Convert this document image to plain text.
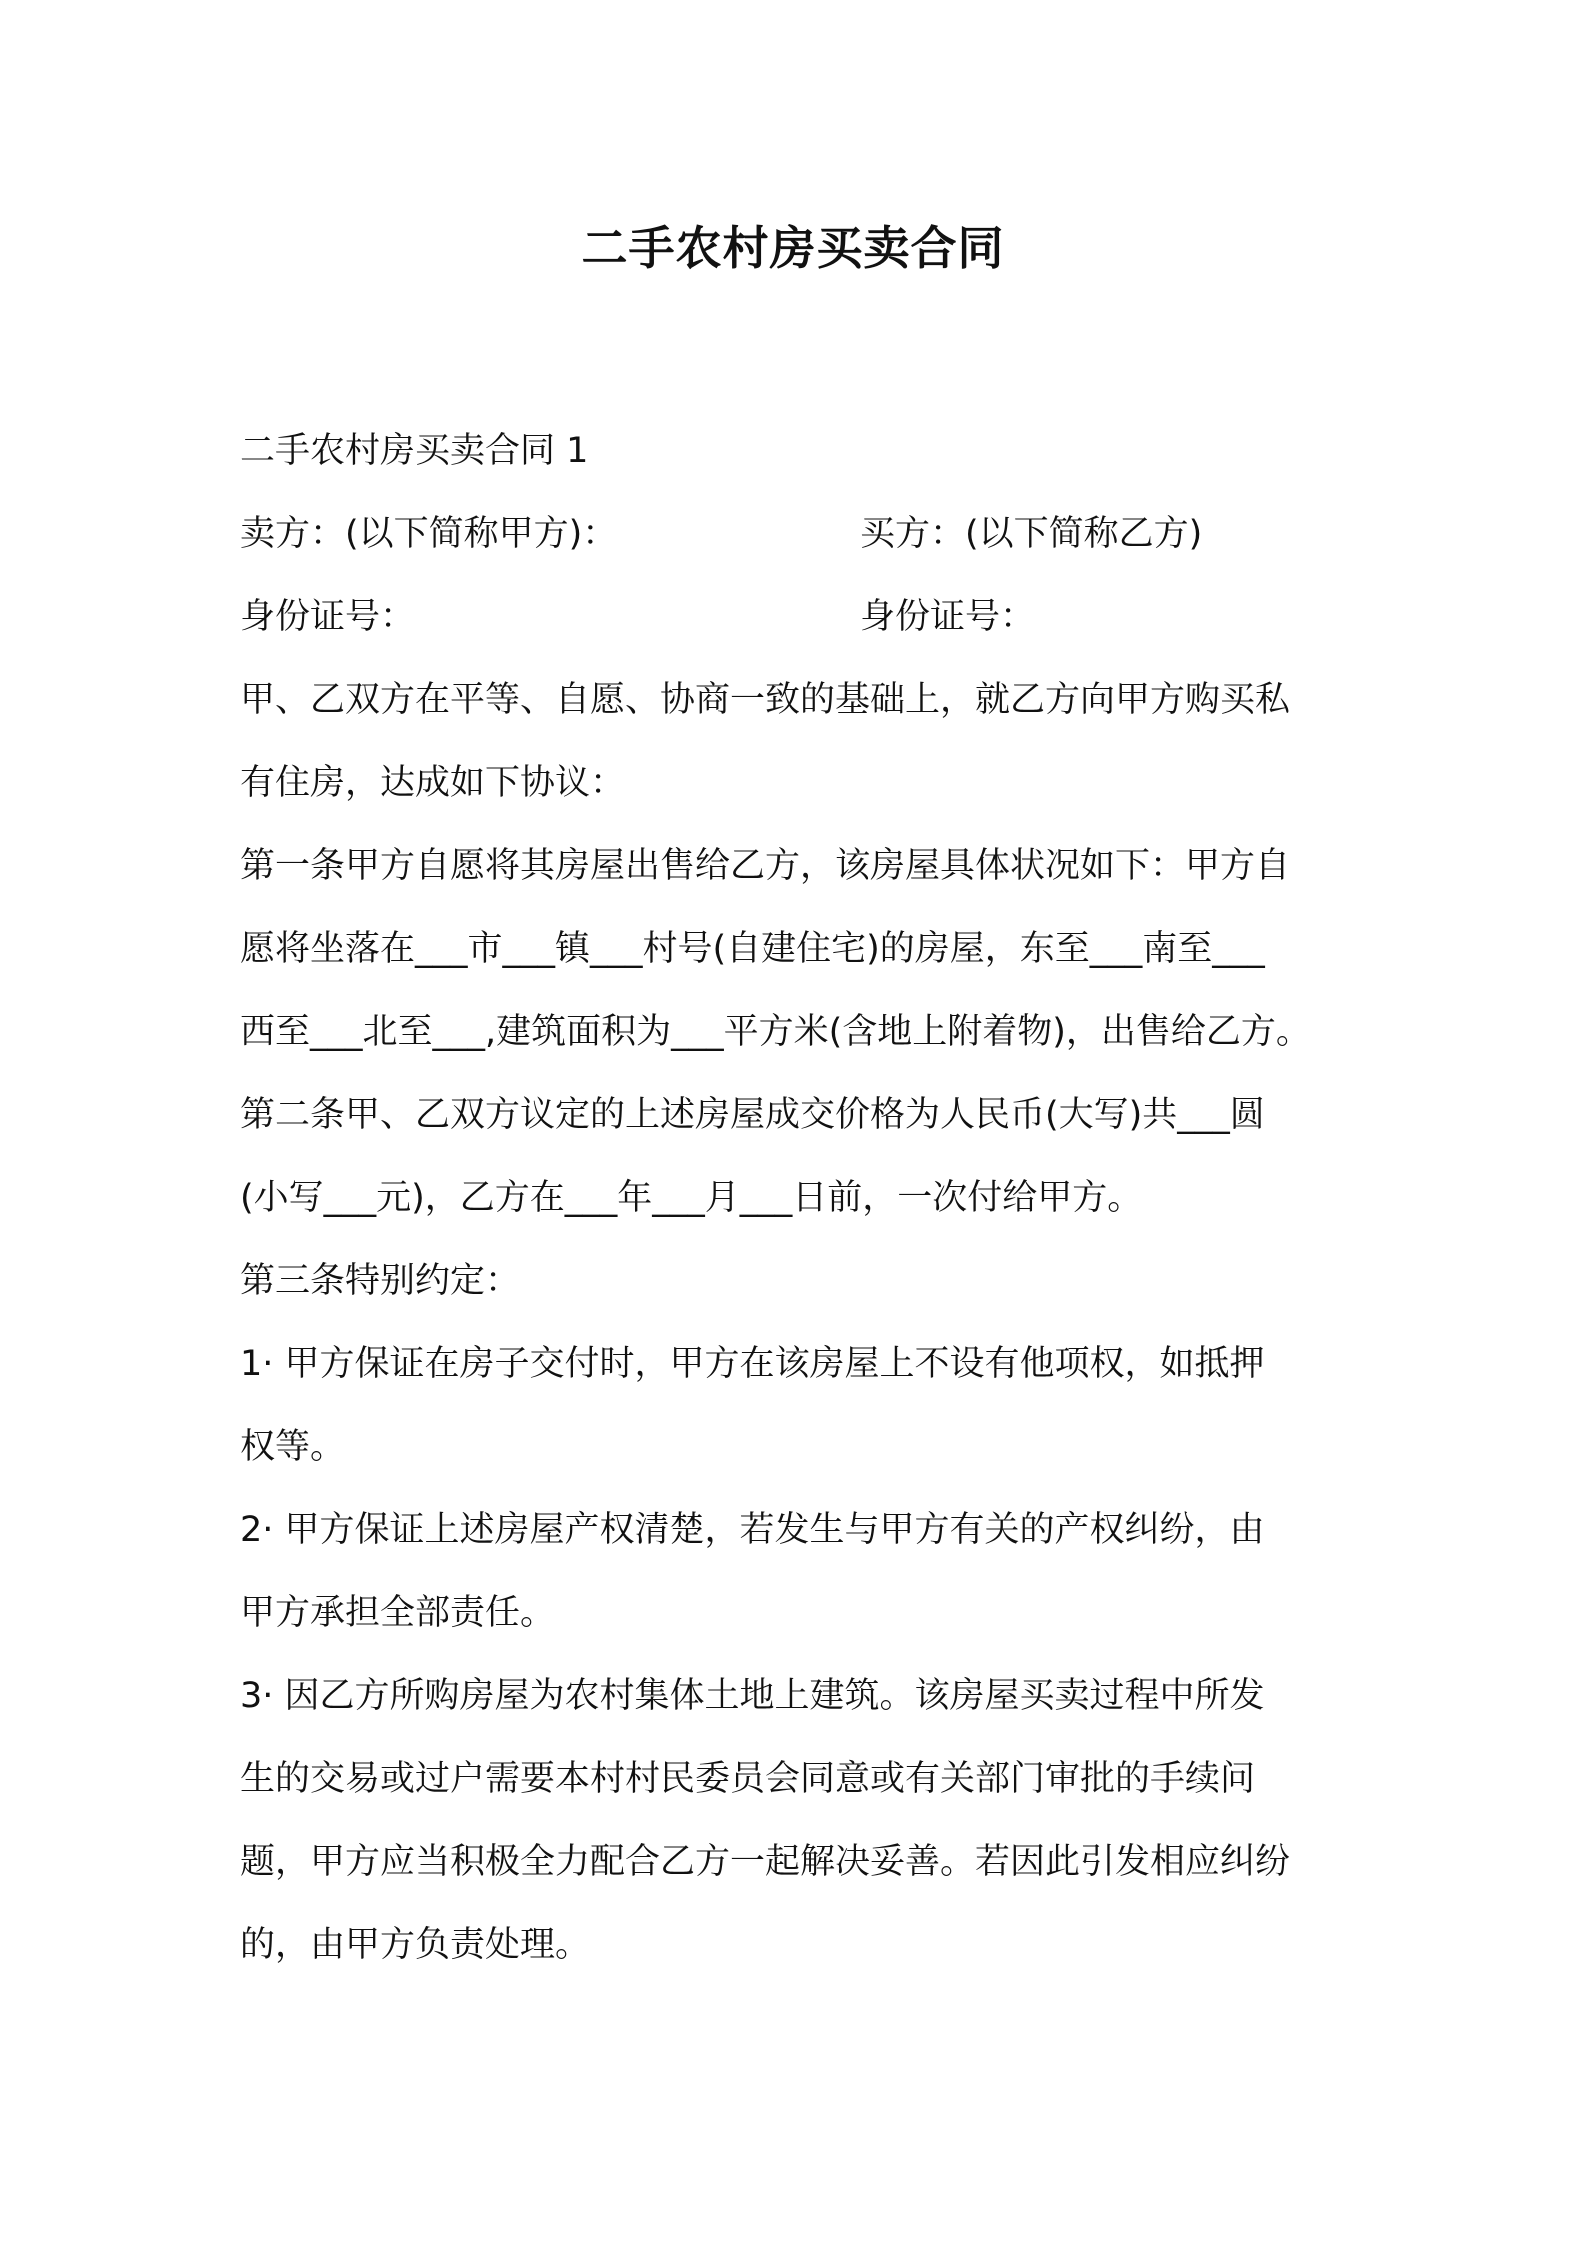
二手农村房买卖合同

二手农村房买卖合同 1

卖方：(以下简称甲方)：	买方：(以下简称乙方)

身份证号：	身份证号：

甲、乙双方在平等、自愿、协商一致的基础上，就乙方向甲方购买私

有住房，达成如下协议：

第一条甲方自愿将其房屋出售给乙方，该房屋具体状况如下：甲方自

愿将坐落在___市___镇___村号(自建住宅)的房屋，东至___南至___

西至___北至___,建筑面积为___平方米(含地上附着物)，出售给乙方。

第二条甲、乙双方议定的上述房屋成交价格为人民币(大写)共___圆

(小写___元)，乙方在___年___月___日前，一次付给甲方。

第三条特别约定：

1· 甲方保证在房子交付时，甲方在该房屋上不设有他项权，如抵押

权等。

2· 甲方保证上述房屋产权清楚，若发生与甲方有关的产权纠纷，由

甲方承担全部责任。

3· 因乙方所购房屋为农村集体土地上建筑。该房屋买卖过程中所发

生的交易或过户需要本村村民委员会同意或有关部门审批的手续问

题，甲方应当积极全力配合乙方一起解决妥善。若因此引发相应纠纷

的，由甲方负责处理。
